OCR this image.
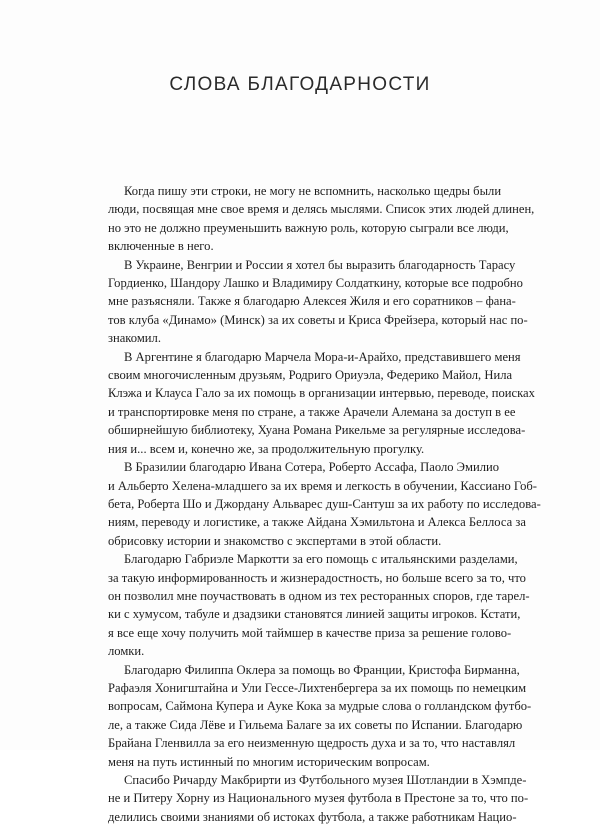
СЛОВА БЛАГОДАРНОСТИ
Когда пишу эти строки, не могу не вспомнить, насколько щедры были
люди, посвящая мне свое время и делясь мыслями. Список этих людей длинен,
но это не должно преуменьшить важную роль, которую сыграли все люди,
включенные в него.
В Украине, Венгрии и России я хотел бы выразить благодарность Тарасу
Гордиенко, Шандору Лашко и Владимиру Солдаткину, которые все подробно
мне разъясняли. Также я благодарю Алексея Жиля и его соратников – фана-
тов клуба «Динамо» (Минск) за их советы и Криса Фрейзера, который нас по-
знакомил.
В Аргентине я благодарю Марчела Мора-и-Арайхо, представившего меня
своим многочисленным друзьям, Родриго Ориуэла, Федерико Майол, Нила
Клэжа и Клауса Гало за их помощь в организации интервью, переводе, поисках
и транспортировке меня по стране, а также Арачели Алемана за доступ в ее
обширнейшую библиотеку, Хуана Романа Рикельме за регулярные исследова-
ния и... всем и, конечно же, за продолжительную прогулку.
В Бразилии благодарю Ивана Сотера, Роберто Ассафа, Паоло Эмилио
и Альберто Хелена-младшего за их время и легкость в обучении, Кассиано Гоб-
бета, Роберта Шо и Джордану Альварес душ-Сантуш за их работу по исследова-
ниям, переводу и логистике, а также Айдана Хэмильтона и Алекса Беллоса за
обрисовку истории и знакомство с экспертами в этой области.
Благодарю Габриэле Маркотти за его помощь с итальянскими разделами,
за такую информированность и жизнерадостность, но больше всего за то, что
он позволил мне поучаствовать в одном из тех ресторанных споров, где тарел-
ки с хумусом, табуле и дзадзики становятся линией защиты игроков. Кстати,
я все еще хочу получить мой таймшер в качестве приза за решение голово-
ломки.
Благодарю Филиппа Оклера за помощь во Франции, Кристофа Бирманна,
Рафаэля Хонигштайна и Ули Гессе-Лихтенбергера за их помощь по немецким
вопросам, Саймона Купера и Ауке Кока за мудрые слова о голландском футбо-
ле, а также Сида Лёве и Гильема Балаге за их советы по Испании. Благодарю
Брайана Гленвилла за его неизменную щедрость духа и за то, что наставлял
меня на путь истинный по многим историческим вопросам.
Спасибо Ричарду Макбрирти из Футбольного музея Шотландии в Хэмпде-
не и Питеру Хорну из Национального музея футбола в Престоне за то, что по-
делились своими знаниями об истоках футбола, а также работникам Нацио-
